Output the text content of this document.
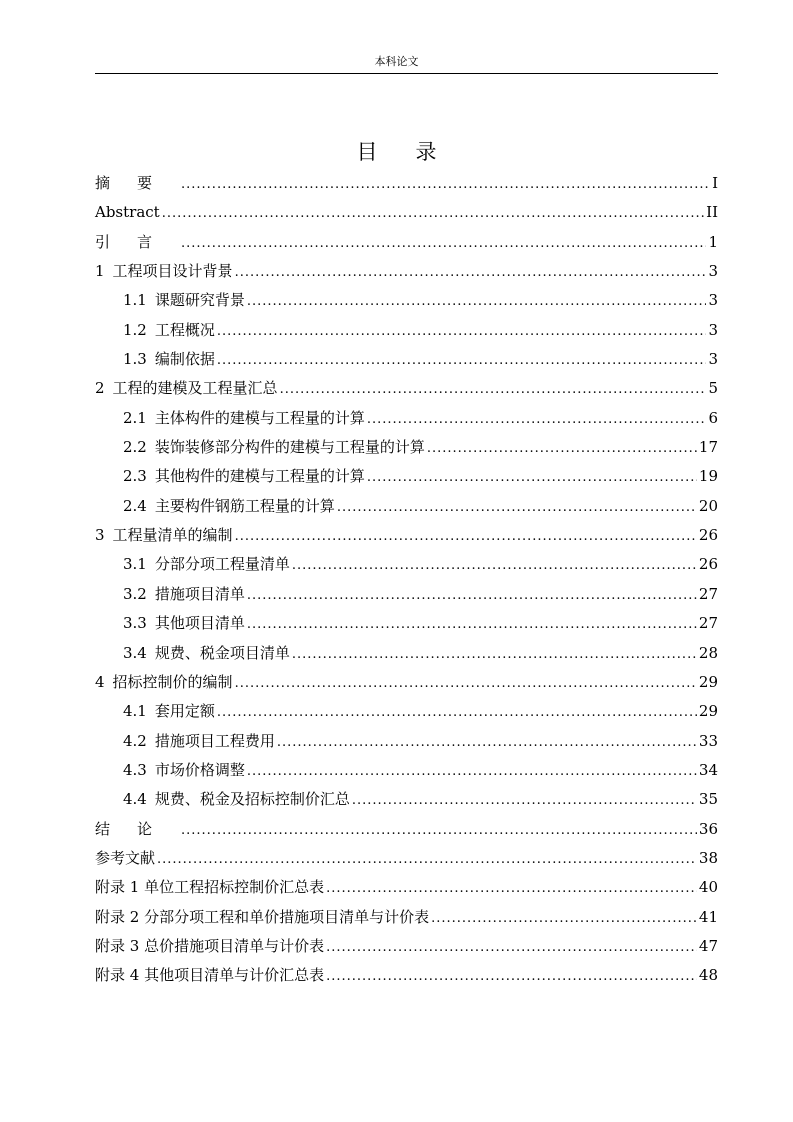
本科论文
目录
摘要 .....	I
Abstract .....	II
引言 .....	1
1 工程项目设计背景 .....	3
1.1 课题研究背景 .....	3
1.2 工程概况 .....	3
1.3 编制依据 .....	3
2 工程的建模及工程量汇总 .....	5
2.1 主体构件的建模与工程量的计算 .....	6
2.2 装饰装修部分构件的建模与工程量的计算 .....	17
2.3 其他构件的建模与工程量的计算 .....	19
2.4 主要构件钢筋工程量的计算 .....	20
3 工程量清单的编制 .....	26
3.1 分部分项工程量清单 .....	26
3.2 措施项目清单 .....	27
3.3 其他项目清单 .....	27
3.4 规费、税金项目清单 .....	28
4 招标控制价的编制 .....	29
4.1 套用定额 .....	29
4.2 措施项目工程费用 .....	33
4.3 市场价格调整 .....	34
4.4 规费、税金及招标控制价汇总 .....	35
结论 .....	36
参考文献 .....	38
附录 1 单位工程招标控制价汇总表 .....	40
附录 2 分部分项工程和单价措施项目清单与计价表 .....	41
附录 3 总价措施项目清单与计价表 .....	47
附录 4 其他项目清单与计价汇总表 .....	48
